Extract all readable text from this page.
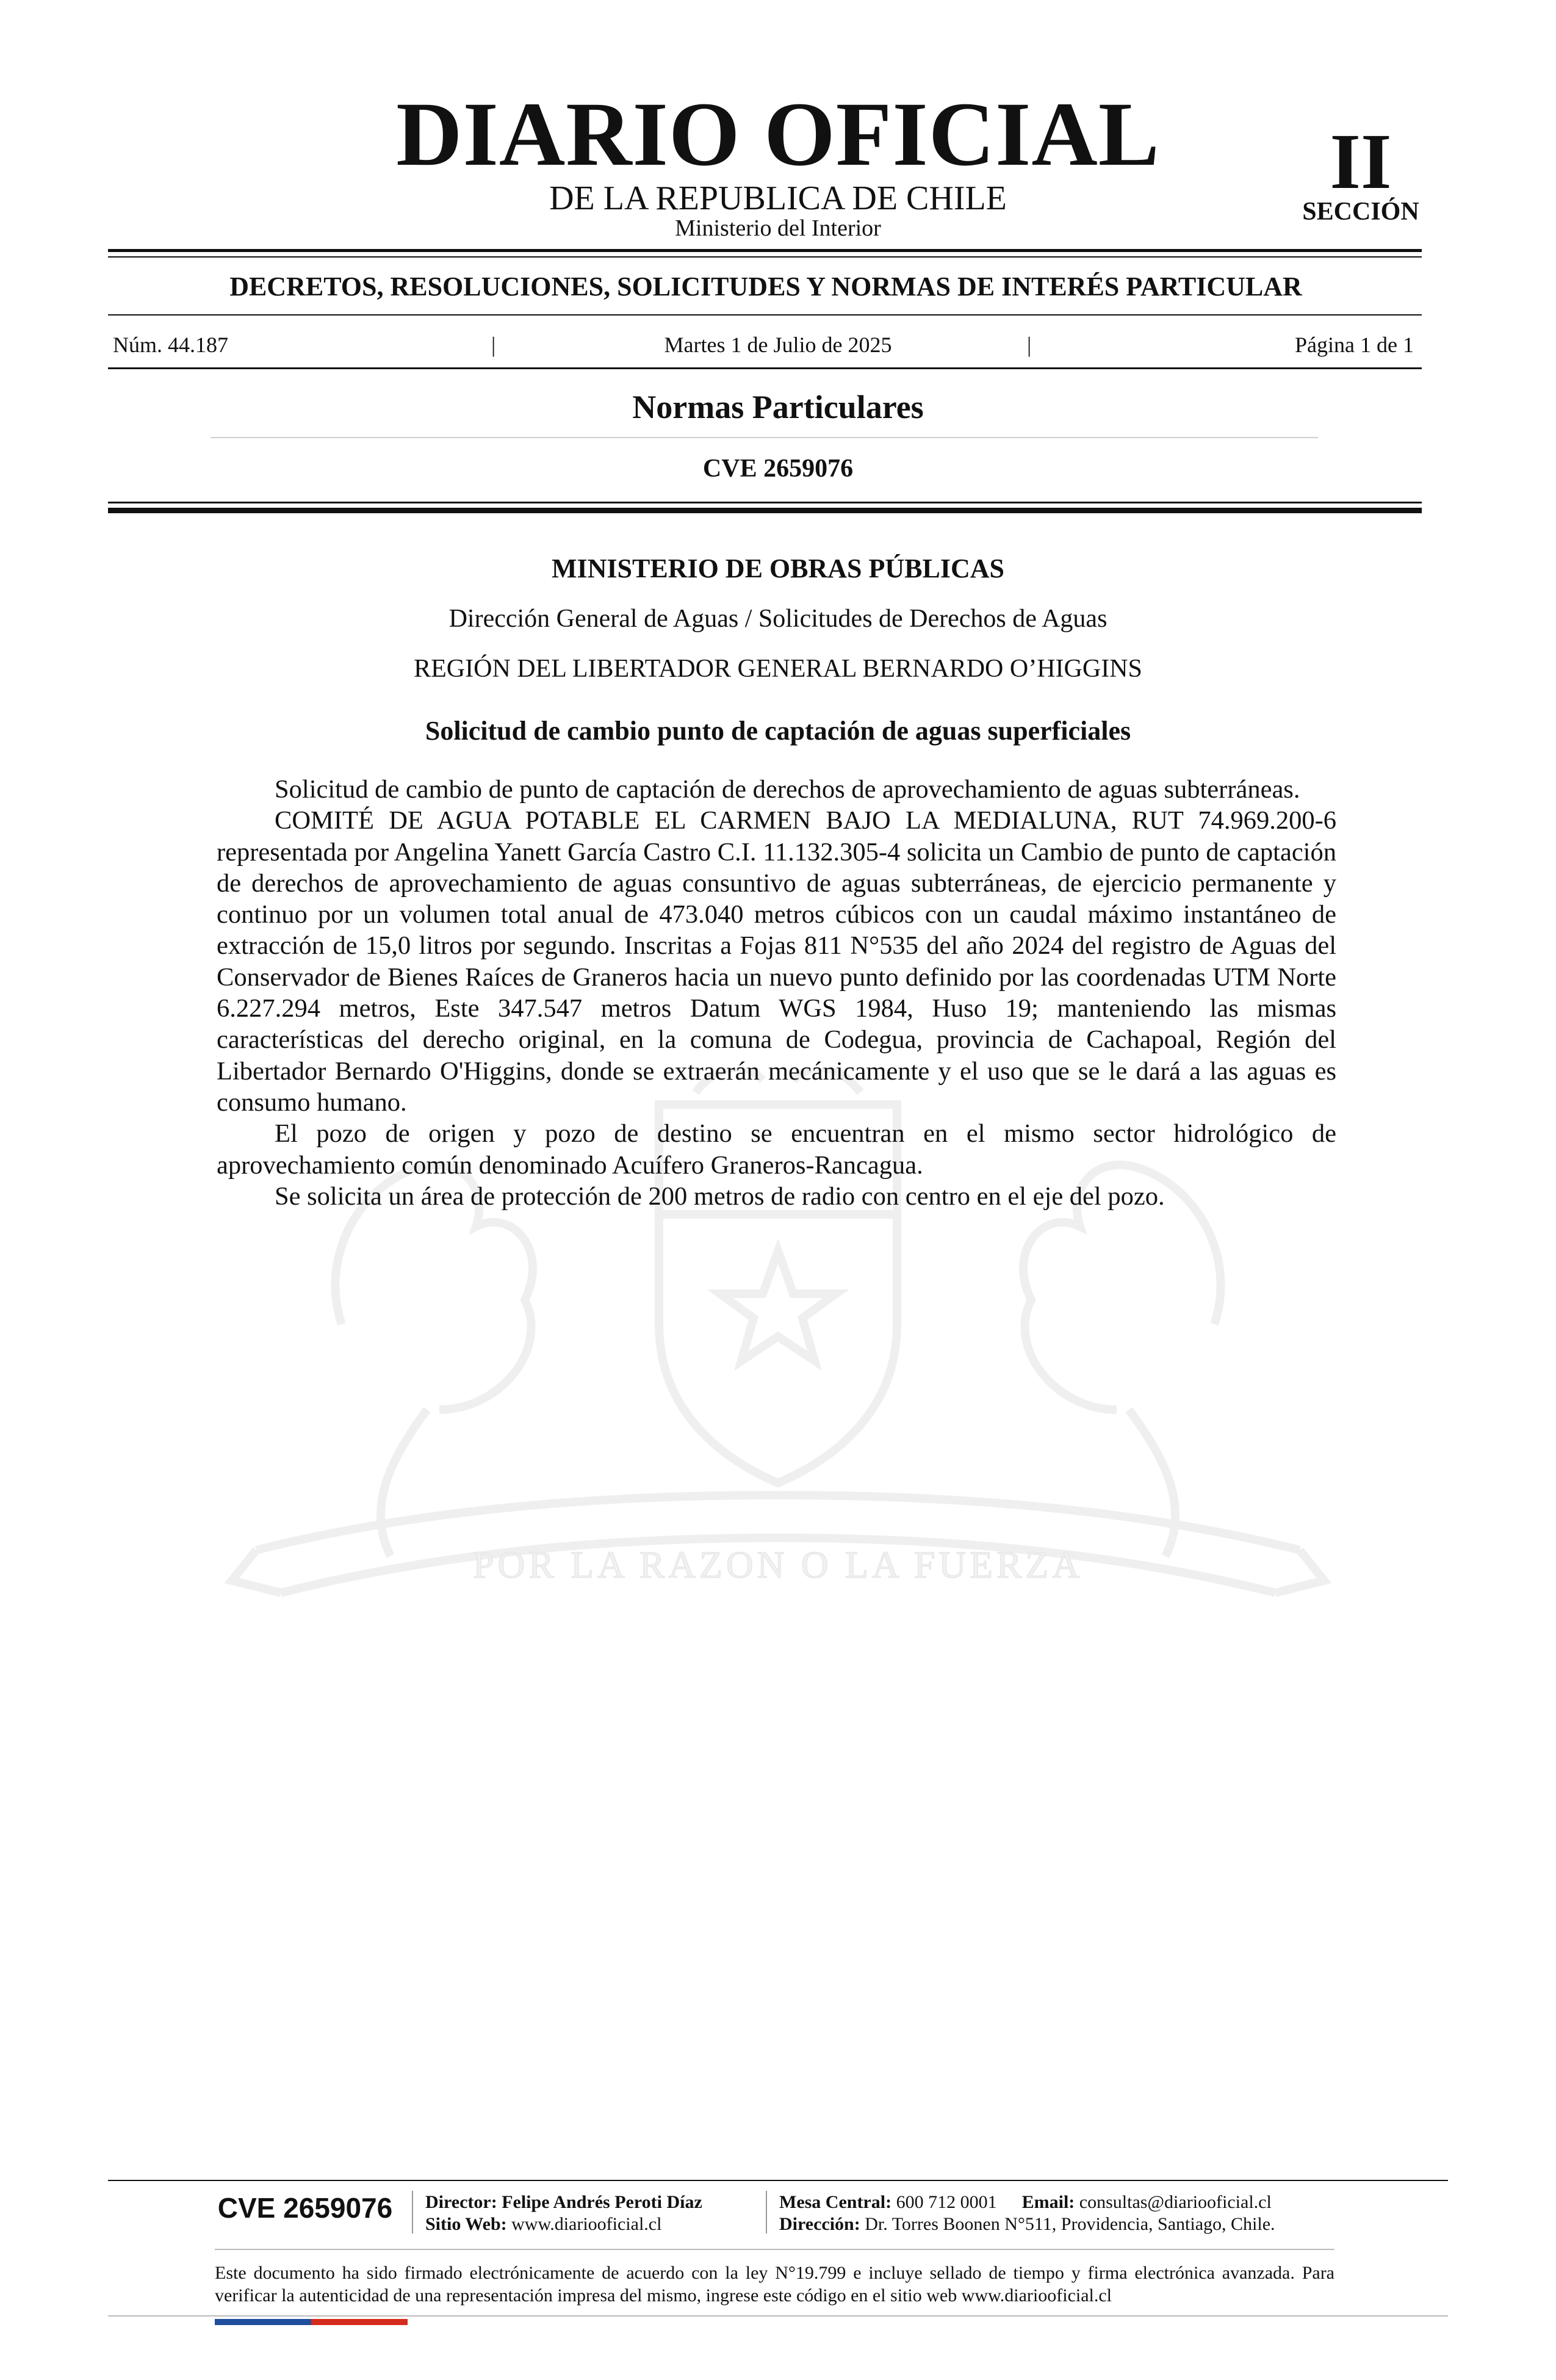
POR LA RAZON O LA FUERZA
DIARIO OFICIAL
DE LA REPUBLICA DE CHILE
Ministerio del Interior
II
SECCIÓN
DECRETOS, RESOLUCIONES, SOLICITUDES Y NORMAS DE INTERÉS PARTICULAR
Núm. 44.187	|	Martes 1 de Julio de 2025	|	Página 1 de 1
Normas Particulares
CVE 2659076
MINISTERIO DE OBRAS PÚBLICAS
Dirección General de Aguas / Solicitudes de Derechos de Aguas
REGIÓN DEL LIBERTADOR GENERAL BERNARDO O’HIGGINS
Solicitud de cambio punto de captación de aguas superficiales

Solicitud de cambio de punto de captación de derechos de aprovechamiento de aguas subterráneas.

COMITÉ DE AGUA POTABLE EL CARMEN BAJO LA MEDIALUNA, RUT 74.969.200-6 representada por Angelina Yanett García Castro C.I. 11.132.305-4 solicita un Cambio de punto de captación de derechos de aprovechamiento de aguas consuntivo de aguas subterráneas, de ejercicio permanente y continuo por un volumen total anual de 473.040 metros cúbicos con un caudal máximo instantáneo de extracción de 15,0 litros por segundo. Inscritas a Fojas 811 N°535 del año 2024 del registro de Aguas del Conservador de Bienes Raíces de Graneros hacia un nuevo punto definido por las coordenadas UTM Norte 6.227.294 metros, Este 347.547 metros Datum WGS 1984, Huso 19; manteniendo las mismas características del derecho original, en la comuna de Codegua, provincia de Cachapoal, Región del Libertador Bernardo O'Higgins, donde se extraerán mecánicamente y el uso que se le dará a las aguas es consumo humano.

El pozo de origen y pozo de destino se encuentran en el mismo sector hidrológico de aprovechamiento común denominado Acuífero Graneros-Rancagua.

Se solicita un área de protección de 200 metros de radio con centro en el eje del pozo.

CVE 2659076	Director: Felipe Andrés Peroti Díaz
Sitio Web: www.diariooficial.cl
Mesa Central: 600 712 0001 Email: consultas@diariooficial.cl
Dirección: Dr. Torres Boonen N°511, Providencia, Santiago, Chile.
Este documento ha sido firmado electrónicamente de acuerdo con la ley N°19.799 e incluye sellado de tiempo y firma electrónica avanzada. Para verificar la autenticidad de una representación impresa del mismo, ingrese este código en el sitio web www.diariooficial.cl
